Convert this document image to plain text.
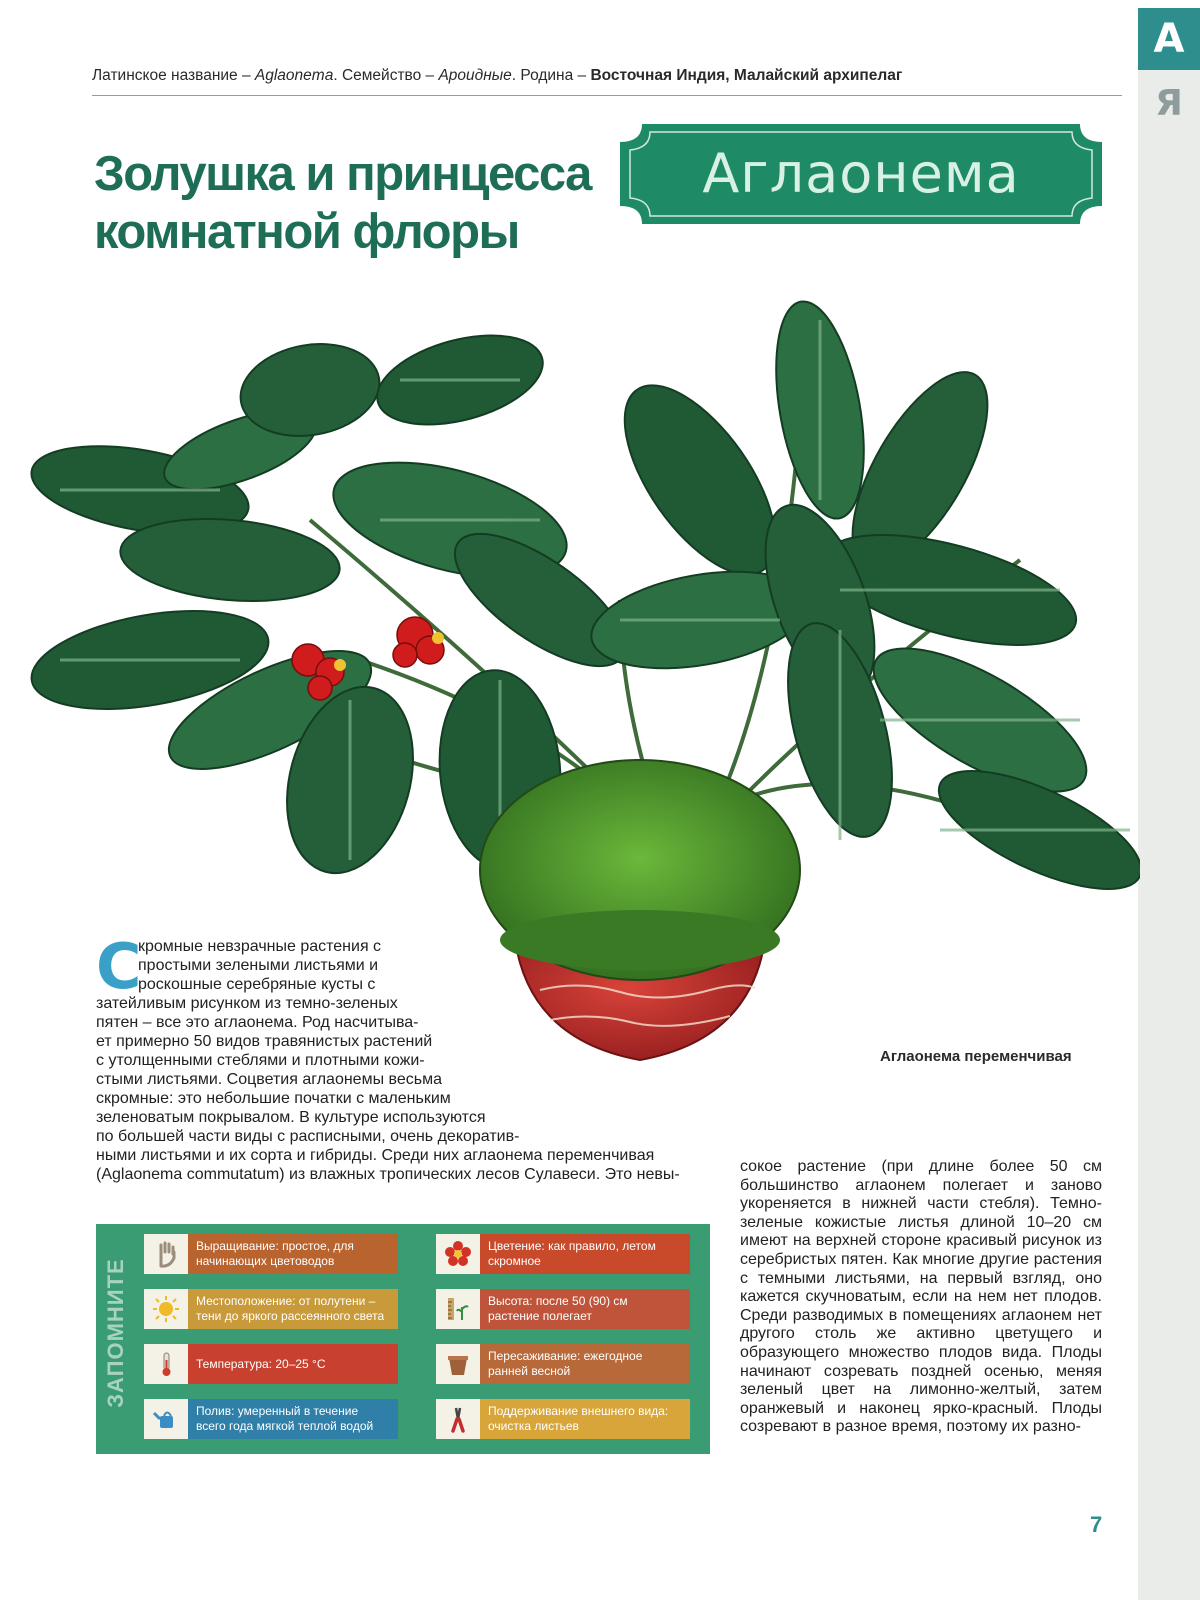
А
Я
Латинское название – Aglaonema. Семейство – Ароидные. Родина – Восточная Индия, Малайский архипелаг
Золушка и принцесса
комнатной флоры
Аглаонема
Аглаонема переменчивая
С
кромные невзрачные растения с
простыми зелеными листьями и
роскошные серебряные кусты с
затейливым рисунком из темно-зеленых
пятен – все это аглаонема. Род насчитыва-
ет примерно 50 видов травянистых растений
с утолщенными стеблями и плотными кожи-
стыми листьями. Соцветия аглаонемы весьма
скромные: это небольшие початки с маленьким
зеленоватым покрывалом. В культуре используются
по большей части виды с расписными, очень декоратив-
ными листьями и их сорта и гибриды. Среди них аглаонема переменчивая
(Aglaonema commutatum) из влажных тропических лесов Сулавеси. Это невы-	сокое растение (при длине более 50 см большинство аглаонем полегает и заново укореняется в нижней части стебля). Темно-зеленые кожистые листья длиной 10–20 см имеют на верхней стороне красивый рисунок из серебристых пятен. Как многие другие растения с темными листьями, на первый взгляд, оно кажется скучноватым, если на нем нет плодов. Среди разводимых в помещениях аглаонем нет другого столь же активно цветущего и образующего множество плодов вида. Плоды начинают созревать поздней осенью, меняя зеленый цвет на лимонно-желтый, затем оранжевый и наконец ярко-красный. Плоды созревают в разное время, поэтому их разно-

ЗАПОМНИТЕ
Выращивание: простое, для начинающих цветоводов
Цветение: как правило, летом скромное
Местоположение: от полутени – тени до яркого рассеянного света
Высота: после 50 (90) см растение полегает
Температура: 20–25 °С
Пересаживание: ежегодное ранней весной
Полив: умеренный в течение всего года мягкой теплой водой
Поддерживание внешнего вида: очистка листьев
7
